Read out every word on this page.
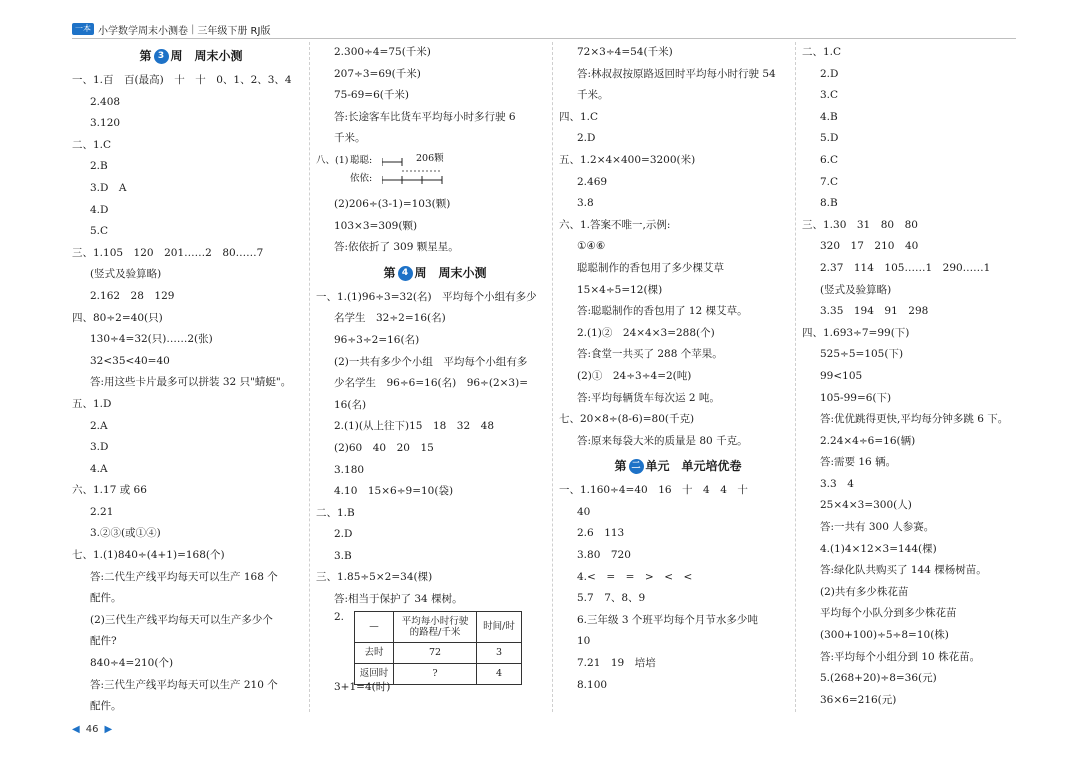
一本 小学数学周末小测卷 | 三年级下册 RJ版
第 3 周　周末小测
一、1.百　百(最高)　十　十　0、1、2、3、4
2.408
3.120
二、1.C
2.B
3.D　A
4.D
5.C
三、1.105　120　201……2　80……7
(竖式及验算略)
2.162　28　129
四、80÷2=40(只)
130÷4=32(只)……2(张)
32<35<40=40
答:用这些卡片最多可以拼装 32 只"蜻蜓"。
五、1.D
2.A
3.D
4.A
六、1.17 或 66
2.21
3.②③(或①④)
七、1.(1)840÷(4+1)=168(个)
答:二代生产线平均每天可以生产 168 个
配件。
(2)三代生产线平均每天可以生产多少个
配件?
840÷4=210(个)
答:三代生产线平均每天可以生产 210 个
配件。
2.300÷4=75(千米)
207÷3=69(千米)
75-69=6(千米)
答:长途客车比货车平均每小时多行驶 6
千米。
八、(1) 聪聪:
依依:
206颗
(2)206÷(3-1)=103(颗)
103×3=309(颗)
答:依依折了 309 颗星星。
第 4 周　周末小测
一、1.(1)96÷3=32(名)　平均每个小组有多少
名学生　32÷2=16(名)
96÷3÷2=16(名)
(2)一共有多少个小组　平均每个小组有多
少名学生　96÷6=16(名)　96÷(2×3)=
16(名)
2.(1)(从上往下)15　18　32　48
(2)60　40　20　15
3.180
4.10　15×6÷9=10(袋)
二、1.B
2.D
3.B
三、1.85÷5×2=34(棵)
答:相当于保护了 34 棵树。
2.
—	平均每小时行驶的路程/千米	时间/时
去时	72	3
返回时	?	4
3+1=4(时)
72×3÷4=54(千米)
答:林叔叔按原路返回时平均每小时行驶 54
千米。
四、1.C
2.D
五、1.2×4×400=3200(米)
2.469
3.8
六、1.答案不唯一,示例:
①④⑥
聪聪制作的香包用了多少棵艾草
15×4÷5=12(棵)
答:聪聪制作的香包用了 12 棵艾草。
2.(1)②　24×4×3=288(个)
答:食堂一共买了 288 个苹果。
(2)①　24÷3÷4=2(吨)
答:平均每辆货车每次运 2 吨。
七、20×8÷(8-6)=80(千克)
答:原来每袋大米的质量是 80 千克。
第 二 单元　单元培优卷
一、1.160÷4=40　16　十　4　4　十
40
2.6　113
3.80　720
4.<　=　=　>　<　<
5.7　7、8、9
6.三年级 3 个班平均每个月节水多少吨
10
7.21　19　培培
8.100
二、1.C
2.D
3.C
4.B
5.D
6.C
7.C
8.B
三、1.30　31　80　80
320　17　210　40
2.37　114　105……1　290……1
(竖式及验算略)
3.35　194　91　298
四、1.693÷7=99(下)
525÷5=105(下)
99<105
105-99=6(下)
答:优优跳得更快,平均每分钟多跳 6 下。
2.24×4÷6=16(辆)
答:需要 16 辆。
3.3　4
25×4×3=300(人)
答:一共有 300 人参赛。
4.(1)4×12×3=144(棵)
答:绿化队共购买了 144 棵杨树苗。
(2)共有多少株花苗
平均每个小队分到多少株花苗
(300+100)÷5÷8=10(株)
答:平均每个小组分到 10 株花苗。
5.(268+20)÷8=36(元)
36×6=216(元)
◀ 46 ▶
